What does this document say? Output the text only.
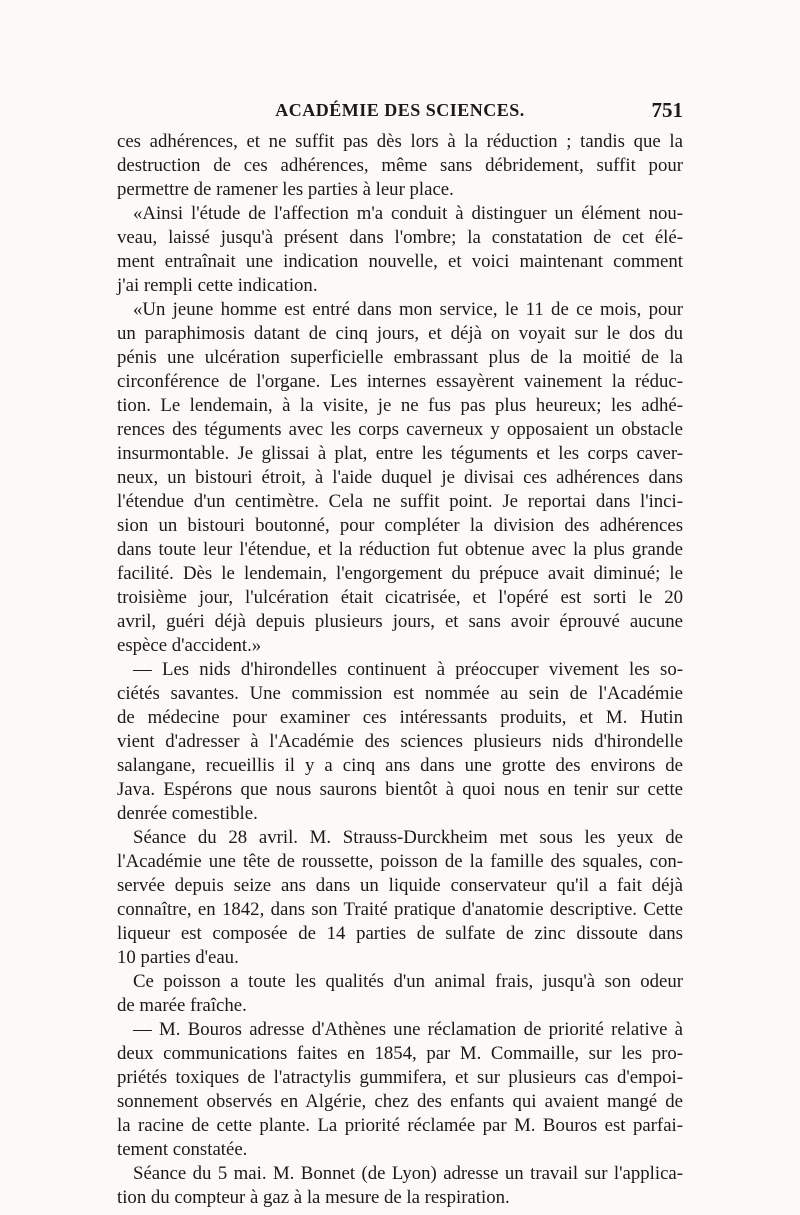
ACADÉMIE DES SCIENCES.	751
ces adhérences, et ne suffit pas dès lors à la réduction ; tandis que la
destruction de ces adhérences, même sans débridement, suffit pour
permettre de ramener les parties à leur place.
«Ainsi l'étude de l'affection m'a conduit à distinguer un élément nou-
veau, laissé jusqu'à présent dans l'ombre; la constatation de cet élé-
ment entraînait une indication nouvelle, et voici maintenant comment
j'ai rempli cette indication.
«Un jeune homme est entré dans mon service, le 11 de ce mois, pour
un paraphimosis datant de cinq jours, et déjà on voyait sur le dos du
pénis une ulcération superficielle embrassant plus de la moitié de la
circonférence de l'organe. Les internes essayèrent vainement la réduc-
tion. Le lendemain, à la visite, je ne fus pas plus heureux; les adhé-
rences des téguments avec les corps caverneux y opposaient un obstacle
insurmontable. Je glissai à plat, entre les téguments et les corps caver-
neux, un bistouri étroit, à l'aide duquel je divisai ces adhérences dans
l'étendue d'un centimètre. Cela ne suffit point. Je reportai dans l'inci-
sion un bistouri boutonné, pour compléter la division des adhérences
dans toute leur l'étendue, et la réduction fut obtenue avec la plus grande
facilité. Dès le lendemain, l'engorgement du prépuce avait diminué; le
troisième jour, l'ulcération était cicatrisée, et l'opéré est sorti le 20
avril, guéri déjà depuis plusieurs jours, et sans avoir éprouvé aucune
espèce d'accident.»
— Les nids d'hirondelles continuent à préoccuper vivement les so-
ciétés savantes. Une commission est nommée au sein de l'Académie
de médecine pour examiner ces intéressants produits, et M. Hutin
vient d'adresser à l'Académie des sciences plusieurs nids d'hirondelle
salangane, recueillis il y a cinq ans dans une grotte des environs de
Java. Espérons que nous saurons bientôt à quoi nous en tenir sur cette
denrée comestible.
Séance du 28 avril. M. Strauss-Durckheim met sous les yeux de
l'Académie une tête de roussette, poisson de la famille des squales, con-
servée depuis seize ans dans un liquide conservateur qu'il a fait déjà
connaître, en 1842, dans son Traité pratique d'anatomie descriptive. Cette
liqueur est composée de 14 parties de sulfate de zinc dissoute dans
10 parties d'eau.
Ce poisson a toute les qualités d'un animal frais, jusqu'à son odeur
de marée fraîche.
— M. Bouros adresse d'Athènes une réclamation de priorité relative à
deux communications faites en 1854, par M. Commaille, sur les pro-
priétés toxiques de l'atractylis gummifera, et sur plusieurs cas d'empoi-
sonnement observés en Algérie, chez des enfants qui avaient mangé de
la racine de cette plante. La priorité réclamée par M. Bouros est parfai-
tement constatée.
Séance du 5 mai. M. Bonnet (de Lyon) adresse un travail sur l'applica-
tion du compteur à gaz à la mesure de la respiration.
